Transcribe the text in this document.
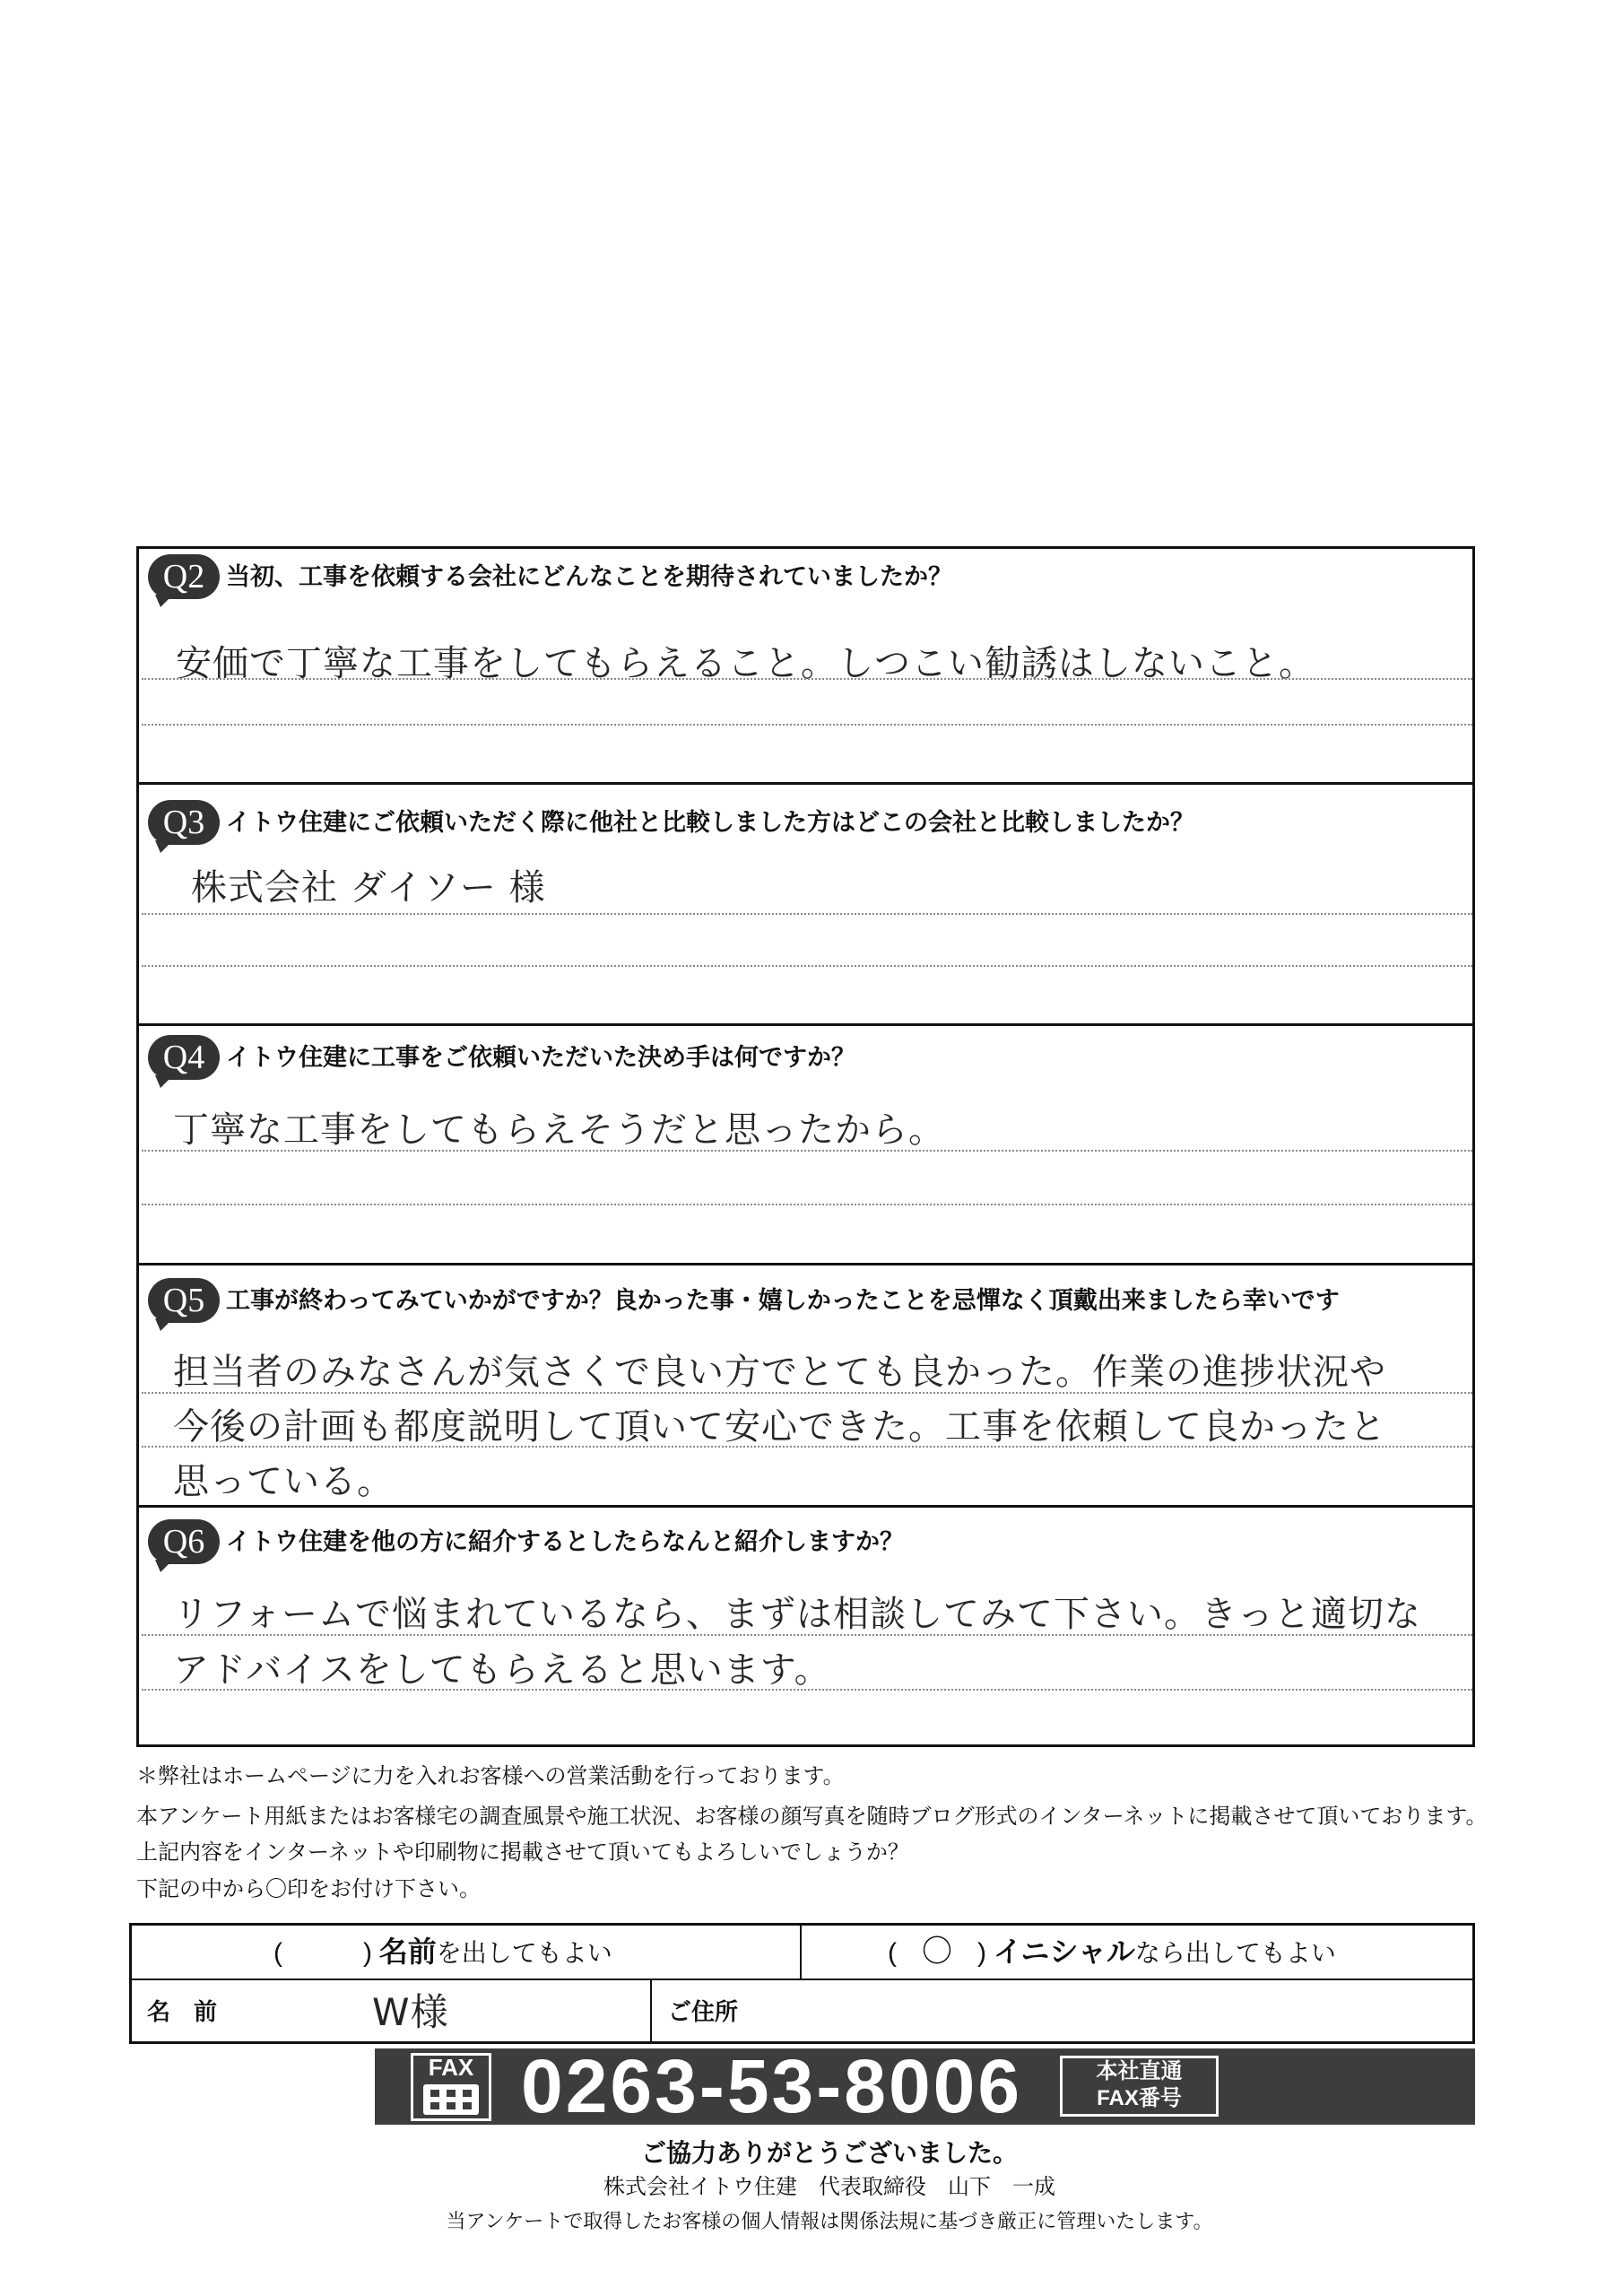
Q2 当初、工事を依頼する会社にどんなことを期待されていましたか？
安価で丁寧な工事をしてもらえること。しつこい勧誘はしないこと。
Q3 イトウ住建にご依頼いただく際に他社と比較しました方はどこの会社と比較しましたか？
株式会社 ダイソー 様
Q4 イトウ住建に工事をご依頼いただいた決め手は何ですか？
丁寧な工事をしてもらえそうだと思ったから。
Q5 工事が終わってみていかがですか？良かった事・嬉しかったことを忌憚なく頂戴出来ましたら幸いです
担当者のみなさんが気さくで良い方でとても良かった。作業の進捗状況や
今後の計画も都度説明して頂いて安心できた。工事を依頼して良かったと
思っている。
Q6 イトウ住建を他の方に紹介するとしたらなんと紹介しますか？
リフォームで悩まれているなら、まずは相談してみて下さい。きっと適切な
アドバイスをしてもらえると思います。
＊弊社はホームページに力を入れお客様への営業活動を行っております。
本アンケート用紙またはお客様宅の調査風景や施工状況、お客様の顔写真を随時ブログ形式のインターネットに掲載させて頂いております。
上記内容をインターネットや印刷物に掲載させて頂いてもよろしいでしょうか？
下記の中から〇印をお付け下さい。
(	) 名前を出してもよい	( 〇 ) イニシャルなら出してもよい
名　前	W様	ご住所
FAX 0263-53-8006	本社直通
FAX番号
ご協力ありがとうございました。
株式会社イトウ住建　代表取締役　山下　一成
当アンケートで取得したお客様の個人情報は関係法規に基づき厳正に管理いたします。
